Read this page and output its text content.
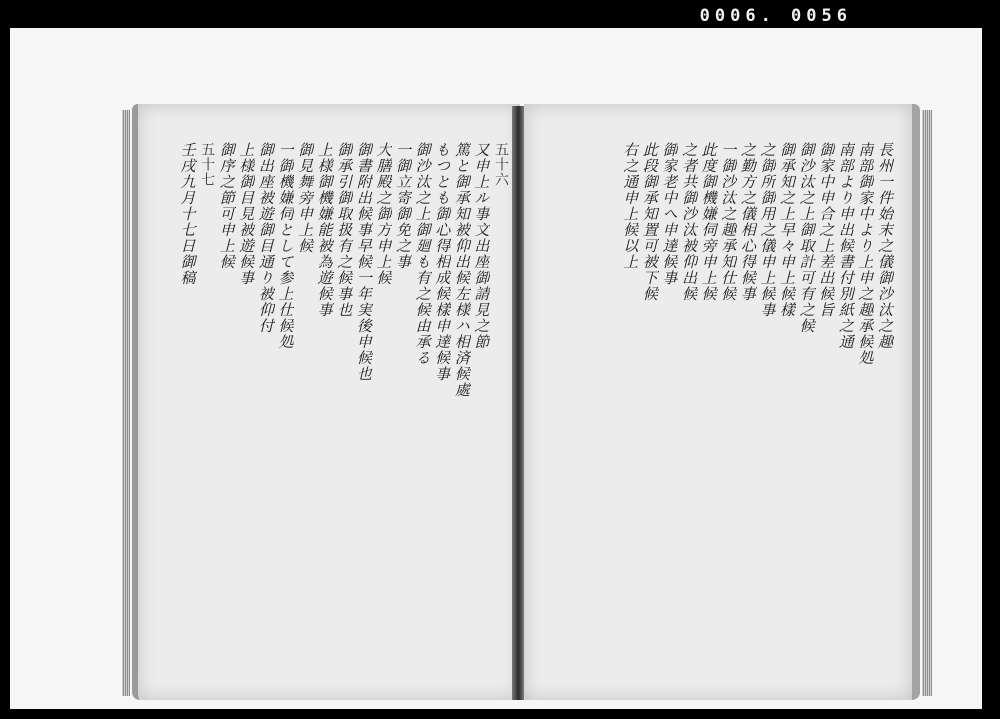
0006. 0056
五十六
又申上ル事文出座御請見之節
篤と御承知被仰出候左様ハ相済候處
もつとも御心得相成候樣申達候事
御沙汰之上御廻も有之候由承る
一御立寄御免之事
大膳殿之御方申上候
御書附出候事早候一年実後申候也
御承引御取扱有之候事也
上様御機嫌能被為遊候事
御見舞旁申上候
一御機嫌伺として参上仕候処
御出座被遊御目通り被仰付
上様御目見被遊候事
御序之節可申上候
五十七
壬戌九月十七日御稿	長州一件始末之儀御沙汰之趣
南部御家中より上申之趣承候処
南部より申出候書付別紙之通
御家中申合之上差出候旨
御沙汰之上御取計可有之候
御承知之上早々申上候樣
之御所御用之儀申上候事
之勤方之儀相心得候事
一御沙汰之趣承知仕候
此度御機嫌伺旁申上候
之者共御沙汰被仰出候
御家老中へ申達候事
此段御承知置可被下候
右之通申上候以上
